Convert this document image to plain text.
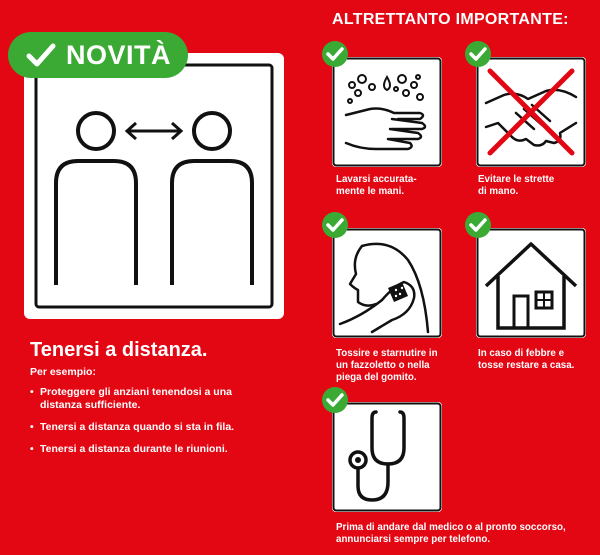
NOVITÀ
Tenersi a distanza.
Per esempio:
• Proteggere gli anziani tenendosi a una distanza sufficiente.
• Tenersi a distanza quando si sta in fila.
• Tenersi a distanza durante le riunioni.
ALTRETTANTO IMPORTANTE:
Lavarsi accurata-
mente le mani.
Evitare le strette
di mano.
Tossire e starnutire in
un fazzoletto o nella
piega del gomito.
In caso di febbre e
tosse restare a casa.
Prima di andare dal medico o al pronto soccorso,
annunciarsi sempre per telefono.
